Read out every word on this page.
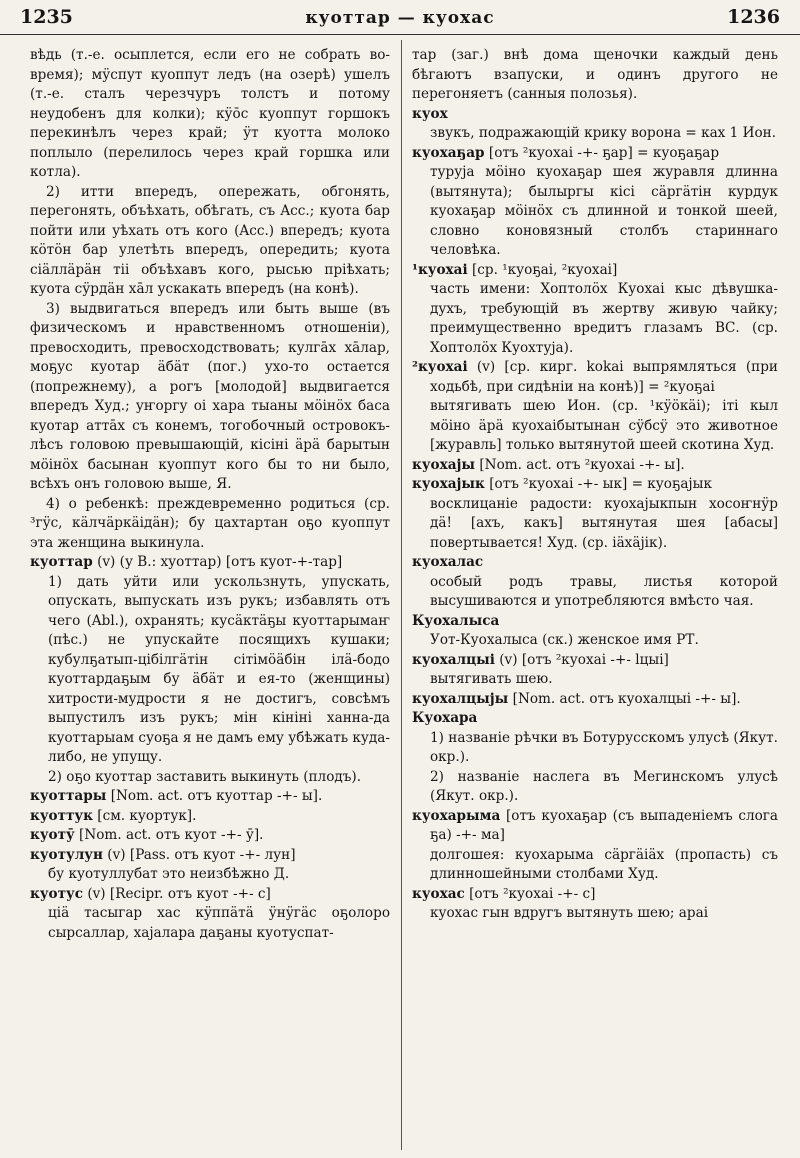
1235	куоттар — куохас	1236

вѣдь (т.-е. осыплется, если его не собрать во-время); мӱспут куоппут ледъ (на озерѣ) ушелъ (т.-е. сталъ черезчуръ толстъ и потому неудобенъ для колки); кӱōс куоппут горшокъ перекинѣлъ через край; ӱт куотта молоко поплыло (перелилось через край горшка или котла).

2) итти впередъ, опережать, обгонять, перегонять, объѣхать, обѣгать, съ Acc.; куота бар пойти или уѣхать отъ кого (Acc.) впередъ; куота кӧтӧн бар улетѣть впередъ, опередить; куота сiäллäрäн тii объѣхавъ кого, рысью прiѣхать; куота сӱрдäн хāл ускакать впередъ (на конѣ).

3) выдвигаться впередъ или быть выше (въ физическомъ и нравственномъ отношенiи), превосходить, превосходствовать; кулгāх хāлар, моҕус куотар äбäт (пог.) ухо-то остается (попрежнему), а рогъ [молодой] выдвигается впередъ Худ.; уҥоргу оi хара тыаны мӧiнӧх баса куотар аттāх съ конемъ, тогобочный островокъ-лѣсъ головою превышающiй, кiсiнi äрä барытын мӧiнӧх басынан куоппут кого бы то ни было, всѣхъ онъ головою выше, Я.

4) о ребенкѣ: преждевременно родиться (ср. ³гӱс, кäлчäркäiдäн); бу цахтартан оҕо куоппут эта женщина выкинула.

куоттар (v) (у В.: хуоттар) [отъ куот-+-тар]

1) дать уйти или ускользнуть, упускать, опускать, выпускать изъ рукъ; избавлять отъ чего (Abl.), охранять; кусäктäҕы куоттарымаҥ (пѣс.) не упускайте посящихъ кушаки; кубулҕатып-цiбiлгäтiн сiтiмӧäбiн iлä-бодо куоттардаҕым бу äбäт и ея-то (женщины) хитрости-мудрости я не достигъ, совсѣмъ выпустилъ изъ рукъ; мiн кiнiнi ханна-да куоттарыам суоҕа я не дамъ ему убѣжать куда-либо, не упущу.

2) оҕо куоттар заставить выкинуть (плодъ).

куоттары [Nom. act. отъ куоттар -+- ы].

куоттук [см. куортук].

куотӯ [Nom. act. отъ куот -+- ӯ].

куотулун (v) [Pass. отъ куот -+- лун]

бу куотуллубат это неизбѣжно Д.

куотус (v) [Recipr. отъ куот -+- с]

цiä тасыгар хас кӱппäтä ӱнӱгäс оҕолоро сырсаллар, хаjалара даҕаны куотуспат-

тар (заг.) внѣ дома щеночки каждый день бѣгаютъ взапуски, и одинъ другого не перегоняетъ (санныя полозья).

куох

звукъ, подражающiй крику ворона = ках 1 Ион.

куохаҕар [отъ ²куохаi -+- ҕар] = куоҕаҕар

туруjа мӧiно куохаҕар шея журавля длинна (вытянута); былыргы кiсi сäргäтiн курдук куохаҕар мӧiнӧх съ длинной и тонкой шеей, словно коновязный столбъ стариннаго человѣка.

¹куохаi [ср. ¹куоҕаi, ²куохаi]

часть имени: Хоптолӧх Куохаi кыс дѣвушка-духъ, требующiй въ жертву живую чайку; преимущественно вредитъ глазамъ ВС. (ср. Хоптолӧх Куохтуjа).

²куохаi (v) [ср. кирг. kokai выпрямляться (при ходьбѣ, при сидѣнiи на конѣ)] = ²куоҕаi

вытягивать шею Ион. (ср. ¹кӱӧкäi); iтi кыл мӧiно äрä куохаiбытынан сӱбсӱ это животное [журавль] только вытянутой шеей скотина Худ.

куохаjы [Nom. act. отъ ²куохаi -+- ы].

куохаjык [отъ ²куохаi -+- ык] = куоҕаjык

восклицанiе радости: куохаjыкпын хосоҥнӱр дä! [ахъ, какъ] вытянутая шея [абасы] повертывается! Худ. (ср. iäхäjiк).

куохалас

особый родъ травы, листья которой высушиваются и употребляются вмѣсто чая.

Куохалыса

Уот-Куохалыса (ск.) женское имя РТ.

куохалцыi (v) [отъ ²куохаi -+- lцыi]

вытягивать шею.

куохалцыjы [Nom. act. отъ куохалцыi -+- ы].

Куохара

1) названiе рѣчки въ Ботурусскомъ улусѣ (Якут. окр.).

2) названiе наслега въ Мегинскомъ улусѣ (Якут. окр.).

куохарыма [отъ куохаҕар (съ выпаденiемъ слога ҕа) -+- ма]

долгошея: куохарыма сäргäiäх (пропасть) съ длинношейными столбами Худ.

куохас [отъ ²куохаi -+- с]

куохас гын вдругъ вытянуть шею; араi
